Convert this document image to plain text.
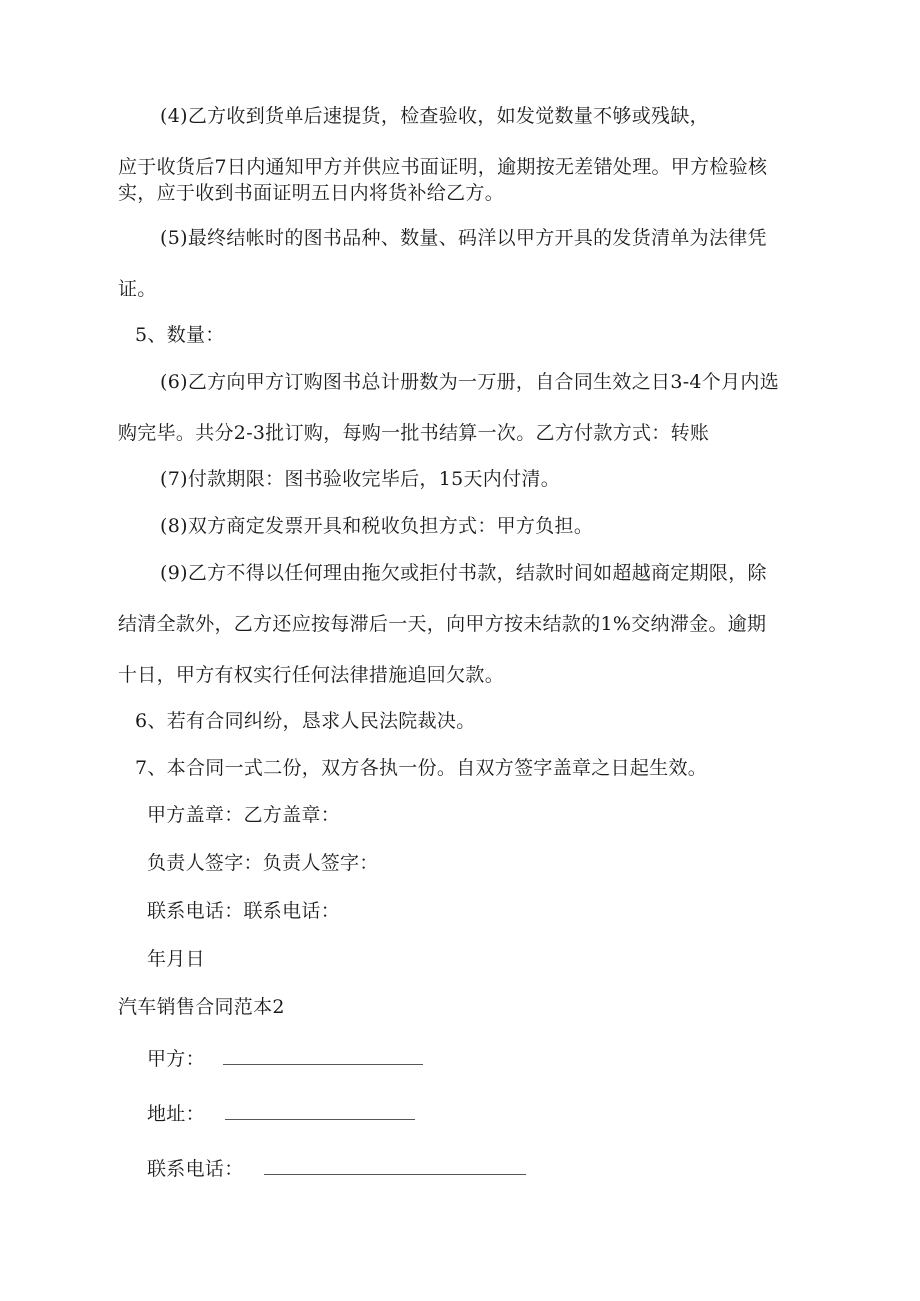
(4)乙方收到货单后速提货，检查验收，如发觉数量不够或残缺，
应于收货后7日内通知甲方并供应书面证明，逾期按无差错处理。甲方检验核
实，应于收到书面证明五日内将货补给乙方。
(5)最终结帐时的图书品种、数量、码洋以甲方开具的发货清单为法律凭
证。
5、数量：
(6)乙方向甲方订购图书总计册数为一万册，自合同生效之日3-4个月内选
购完毕。共分2-3批订购，每购一批书结算一次。乙方付款方式：转账
(7)付款期限：图书验收完毕后，15天内付清。
(8)双方商定发票开具和税收负担方式：甲方负担。
(9)乙方不得以任何理由拖欠或拒付书款，结款时间如超越商定期限，除
结清全款外，乙方还应按每滞后一天，向甲方按未结款的1%交纳滞金。逾期
十日，甲方有权实行任何法律措施追回欠款。
6、若有合同纠纷，恳求人民法院裁决。
7、本合同一式二份，双方各执一份。自双方签字盖章之日起生效。
甲方盖章：乙方盖章：
负责人签字：负责人签字：
联系电话：联系电话：
年月日
汽车销售合同范本2
甲方：
地址：
联系电话：
